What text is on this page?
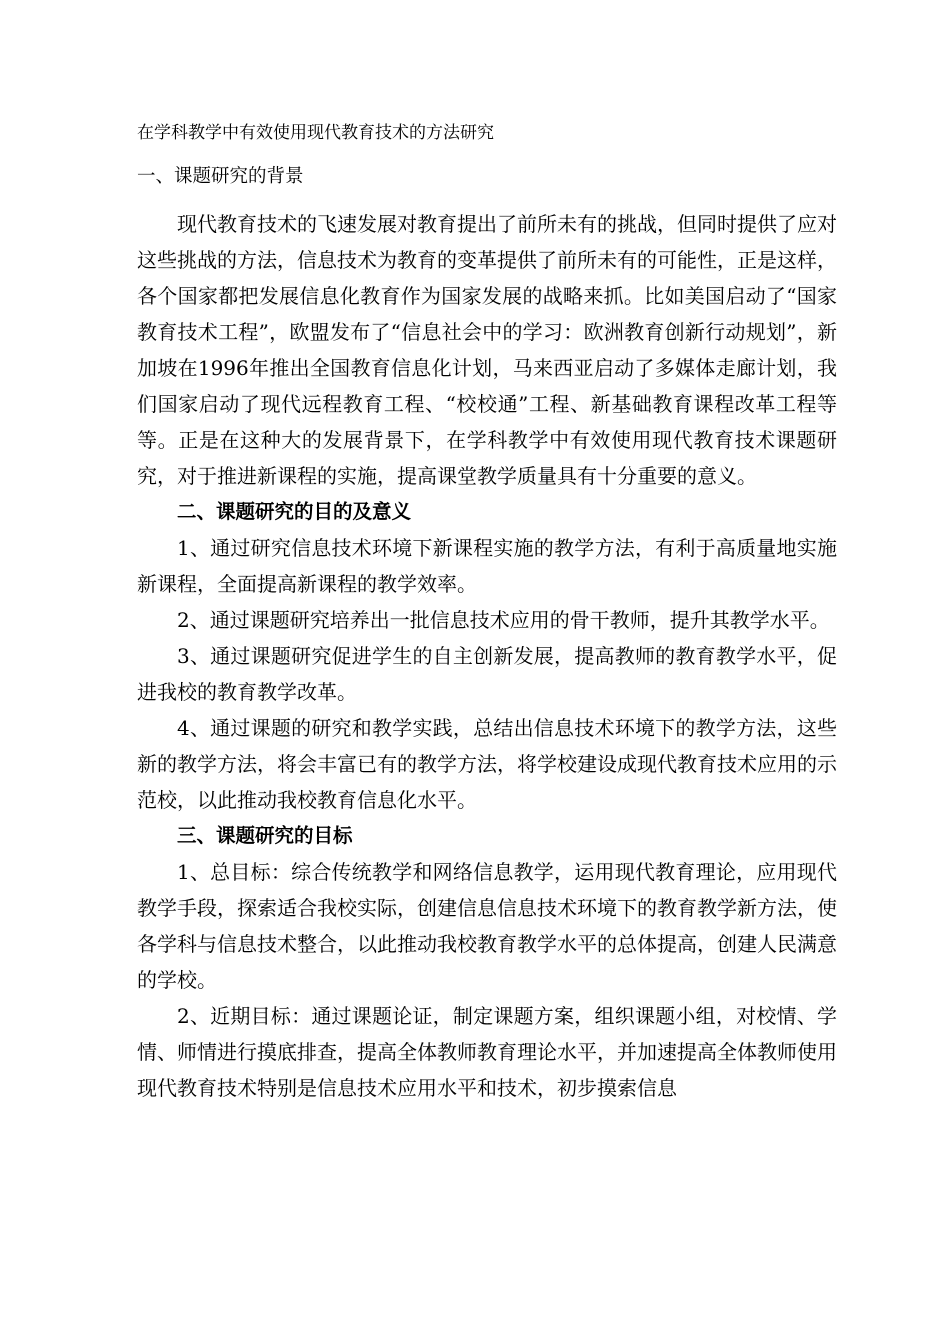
在学科教学中有效使用现代教育技术的方法研究
一、课题研究的背景

现代教育技术的飞速发展对教育提出了前所未有的挑战，但同时提供了应对这些挑战的方法，信息技术为教育的变革提供了前所未有的可能性，正是这样，各个国家都把发展信息化教育作为国家发展的战略来抓。比如美国启动了“国家教育技术工程”，欧盟发布了“信息社会中的学习：欧洲教育创新行动规划”，新加坡在1996年推出全国教育信息化计划，马来西亚启动了多媒体走廊计划，我们国家启动了现代远程教育工程、“校校通”工程、新基础教育课程改革工程等等。正是在这种大的发展背景下，在学科教学中有效使用现代教育技术课题研究，对于推进新课程的实施，提高课堂教学质量具有十分重要的意义。

二、课题研究的目的及意义

1、通过研究信息技术环境下新课程实施的教学方法，有利于高质量地实施新课程，全面提高新课程的教学效率。

2、通过课题研究培养出一批信息技术应用的骨干教师，提升其教学水平。

3、通过课题研究促进学生的自主创新发展，提高教师的教育教学水平，促进我校的教育教学改革。

4、通过课题的研究和教学实践，总结出信息技术环境下的教学方法，这些新的教学方法，将会丰富已有的教学方法，将学校建设成现代教育技术应用的示范校，以此推动我校教育信息化水平。

三、课题研究的目标

1、总目标：综合传统教学和网络信息教学，运用现代教育理论，应用现代教学手段，探索适合我校实际，创建信息信息技术环境下的教育教学新方法，使各学科与信息技术整合，以此推动我校教育教学水平的总体提高，创建人民满意的学校。

2、近期目标：通过课题论证，制定课题方案，组织课题小组，对校情、学情、师情进行摸底排查，提高全体教师教育理论水平，并加速提高全体教师使用现代教育技术特别是信息技术应用水平和技术，初步摸索信息
